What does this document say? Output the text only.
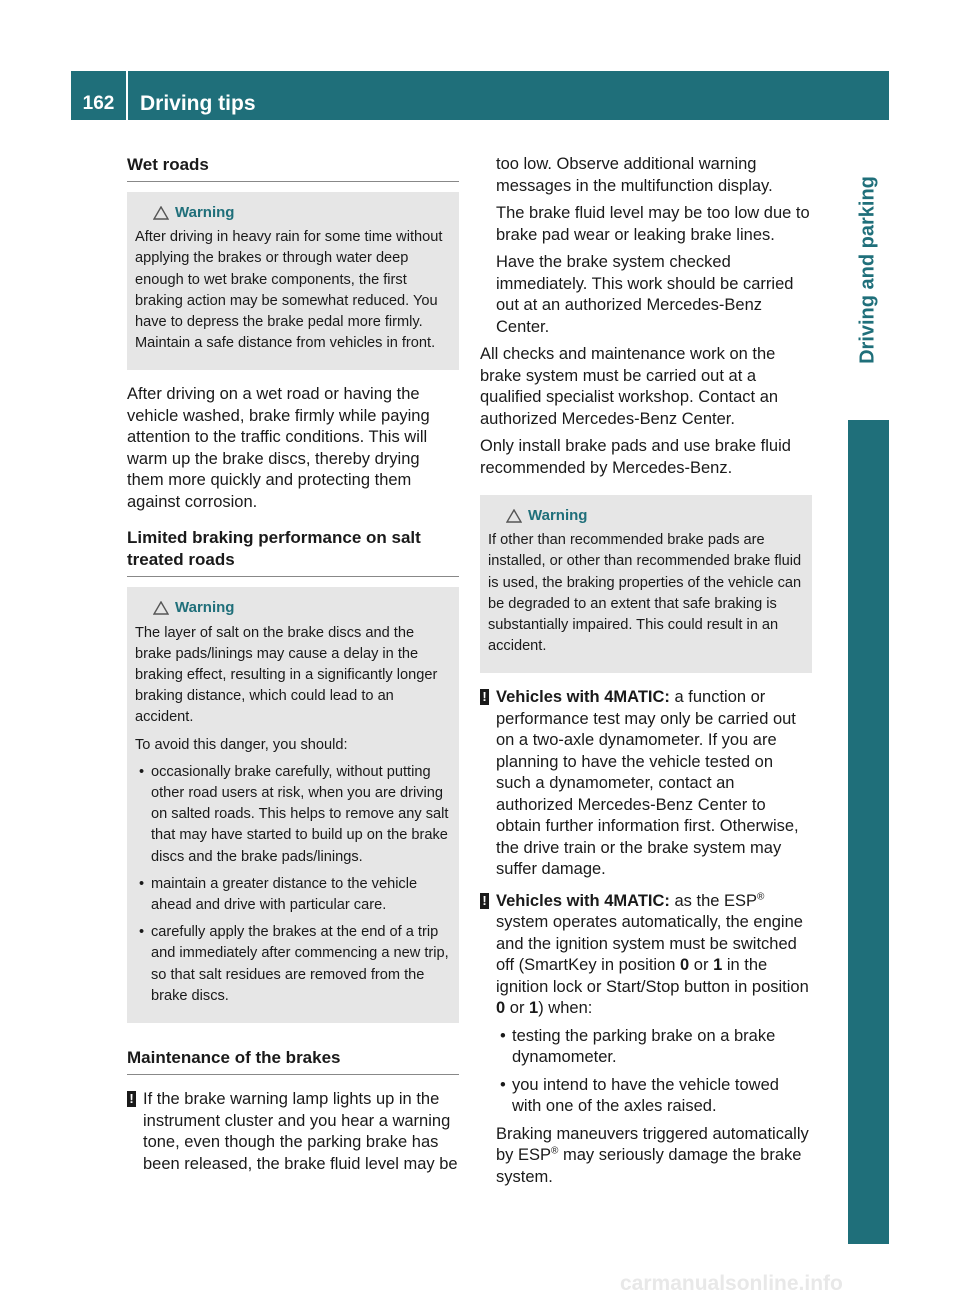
162	Driving tips
Driving and parking
Wet roads
Warning

After driving in heavy rain for some time without applying the brakes or through water deep enough to wet brake components, the first braking action may be somewhat reduced. You have to depress the brake pedal more firmly. Maintain a safe distance from vehicles in front.

After driving on a wet road or having the vehicle washed, brake firmly while paying attention to the traffic conditions. This will warm up the brake discs, thereby drying them more quickly and protecting them against corrosion.

Limited braking performance on salt treated roads
Warning

The layer of salt on the brake discs and the brake pads/linings may cause a delay in the braking effect, resulting in a significantly longer braking distance, which could lead to an accident.

To avoid this danger, you should:

• occasionally brake carefully, without putting other road users at risk, when you are driving on salted roads. This helps to remove any salt that may have started to build up on the brake discs and the brake pads/linings.
• maintain a greater distance to the vehicle ahead and drive with particular care.
• carefully apply the brakes at the end of a trip and immediately after commencing a new trip, so that salt residues are removed from the brake discs.
Maintenance of the brakes
! If the brake warning lamp lights up in the instrument cluster and you hear a warning tone, even though the parking brake has been released, the brake fluid level may be

too low. Observe additional warning messages in the multifunction display.

The brake fluid level may be too low due to brake pad wear or leaking brake lines.

Have the brake system checked immediately. This work should be carried out at an authorized Mercedes-Benz Center.

All checks and maintenance work on the brake system must be carried out at a qualified specialist workshop. Contact an authorized Mercedes-Benz Center.

Only install brake pads and use brake fluid recommended by Mercedes-Benz.

Warning

If other than recommended brake pads are installed, or other than recommended brake fluid is used, the braking properties of the vehicle can be degraded to an extent that safe braking is substantially impaired. This could result in an accident.

! Vehicles with 4MATIC: a function or performance test may only be carried out on a two-axle dynamometer. If you are planning to have the vehicle tested on such a dynamometer, contact an authorized Mercedes-Benz Center to obtain further information first. Otherwise, the drive train or the brake system may suffer damage.
! Vehicles with 4MATIC: as the ESP® system operates automatically, the engine and the ignition system must be switched off (SmartKey in position 0 or 1 in the ignition lock or Start/Stop button in position 0 or 1) when:
• testing the parking brake on a brake dynamometer.
• you intend to have the vehicle towed with one of the axles raised.

Braking maneuvers triggered automatically by ESP® may seriously damage the brake system.

carmanualsonline.info
